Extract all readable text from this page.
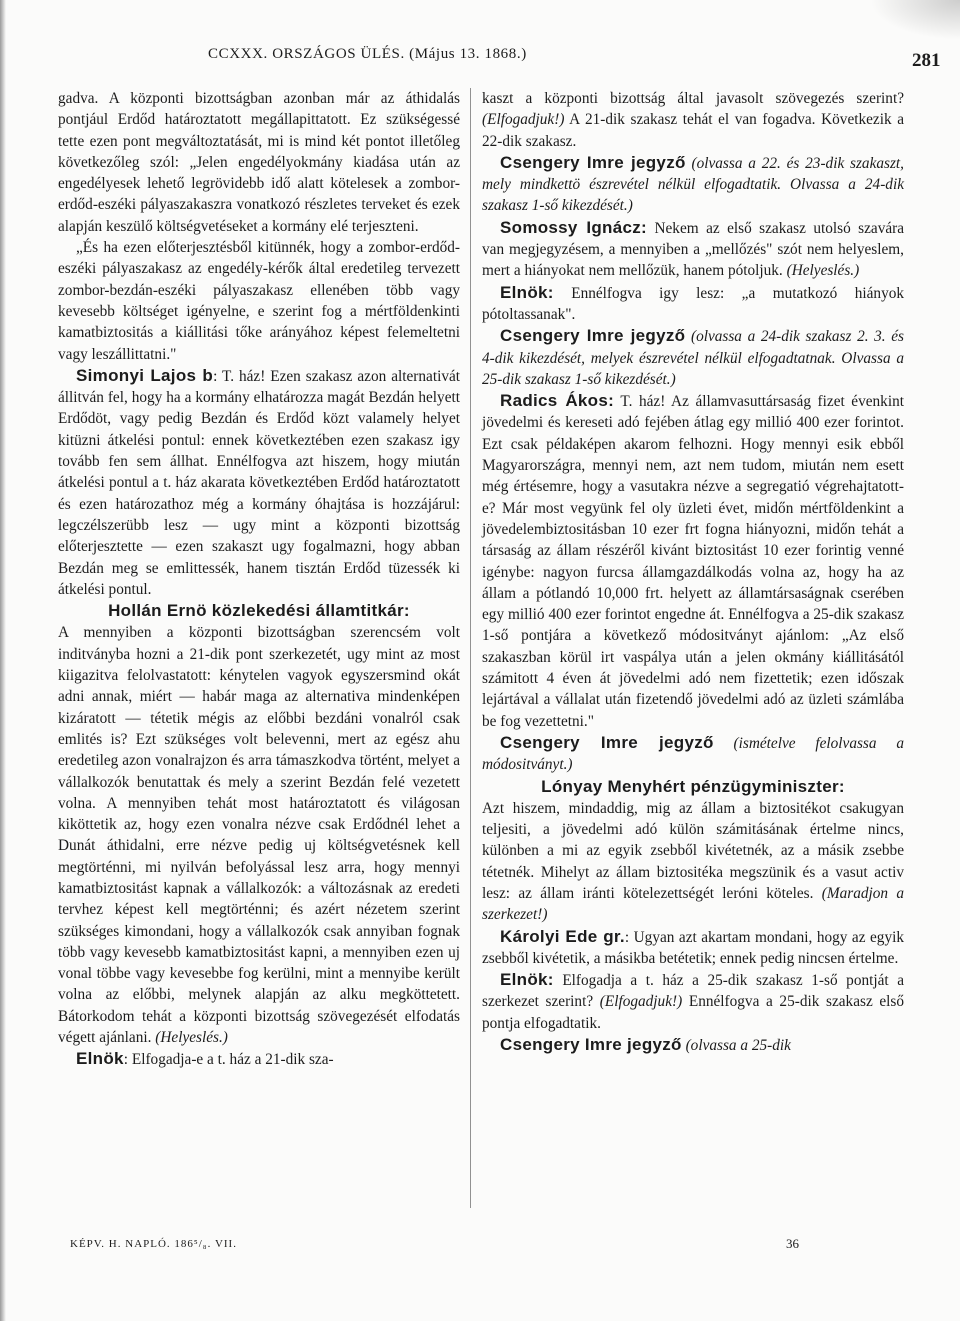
CCXXX. ORSZÁGOS ÜLÉS. (Május 13. 1868.)	281

gadva. A központi bizottságban azonban már az áthidalás pontjául Erdőd határoztatott megállapittatott. Ez szükségessé tette ezen pont megváltoztatását, mi is mind két pontot illetőleg következőleg szól: „Jelen engedélyokmány kiadása után az engedélyesek lehető legrövidebb idő alatt kötelesek a zombor-erdőd-eszéki pályaszakaszra vonatkozó részletes terveket és ezek alapján keszülő költségvetéseket a kormány elé terjeszteni.

„És ha ezen előterjesztésből kitünnék, hogy a zombor-erdőd-eszéki pályaszakasz az engedély-kérők által eredetileg tervezett zombor-bezdán-eszéki pályaszakasz ellenében több vagy kevesebb költséget igényelne, e szerint fog a mértföldenkinti kamatbiztositás a kiállitási tőke arányához képest felemeltetni vagy leszállittatni."

Simonyi Lajos b: T. ház! Ezen szakasz azon alternativát állitván fel, hogy ha a kormány elhatározza magát Bezdán helyett Erdődöt, vagy pedig Bezdán és Erdőd közt valamely helyet kitüzni átkelési pontul: ennek következtében ezen szakasz igy tovább fen sem állhat. Ennélfogva azt hiszem, hogy miután átkelési pontul a t. ház akarata következtében Erdőd határoztatott és ezen határozathoz még a kormány óhajtása is hozzájárul: legczélszerübb lesz — ugy mint a központi bizottság előterjesztette — ezen szakaszt ugy fogalmazni, hogy abban Bezdán meg se emlittessék, hanem tisztán Erdőd tüzessék ki átkelési pontul.

Hollán Ernö közlekedési államtitkár:

A mennyiben a központi bizottságban szerencsém volt inditványba hozni a 21-dik pont szerkezetét, ugy mint az most kiigazitva felolvastatott: kénytelen vagyok egyszersmind okát adni annak, miért — habár maga az alternativa mindenképen kizáratott — tétetik mégis az előbbi bezdáni vonalról csak emlités is? Ezt szükséges volt belevenni, mert az egész ahu eredetileg azon vonalrajzon és arra támaszkodva történt, melyet a vállalkozók benutattak és mely a szerint Bezdán felé vezetett volna. A mennyiben tehát most határoztatott és világosan kiköttetik az, hogy ezen vonalra nézve csak Erdődnél lehet a Dunát áthidalni, erre nézve pedig uj költségvetésnek kell megtörténni, mi nyilván befolyással lesz arra, hogy mennyi kamatbiztositást kapnak a vállalkozók: a változásnak az eredeti tervhez képest kell megtörténni; és azért nézetem szerint szükséges kimondani, hogy a vállalkozók csak annyiban fognak több vagy kevesebb kamatbiztositást kapni, a mennyiben ezen uj vonal többe vagy kevesebbe fog kerülni, mint a mennyibe került volna az előbbi, melynek alapján az alku megköttetett. Bátorkodom tehát a központi bizottság szövegezését elfodatás végett ajánlani. (Helyeslés.)

Elnök: Elfogadja-e a t. ház a 21-dik sza-

kaszt a központi bizottság által javasolt szövegezés szerint? (Elfogadjuk!) A 21-dik szakasz tehát el van fogadva. Következik a 22-dik szakasz.

Csengery Imre jegyző (olvassa a 22. és 23-dik szakaszt, mely mindkettö észrevétel nélkül elfogadtatik. Olvassa a 24-dik szakasz 1-ső kikezdését.)

Somossy Ignácz: Nekem az első szakasz utolsó szavára van megjegyzésem, a mennyiben a „mellőzés" szót nem helyeslem, mert a hiányokat nem mellőzük, hanem pótoljuk. (Helyeslés.)

Elnök: Ennélfogva igy lesz: „a mutatkozó hiányok pótoltassanak".

Csengery Imre jegyző (olvassa a 24-dik szakasz 2. 3. és 4-dik kikezdését, melyek észrevétel nélkül elfogadtatnak. Olvassa a 25-dik szakasz 1-ső kikezdését.)

Radics Ákos: T. ház! Az államvasuttársaság fizet évenkint jövedelmi és kereseti adó fejében átlag egy millió 400 ezer forintot. Ezt csak példaképen akarom felhozni. Hogy mennyi esik ebből Magyarországra, mennyi nem, azt nem tudom, miután nem esett még értésemre, hogy a vasutakra nézve a segregatió végrehajtatott-e? Már most vegyünk fel oly üzleti évet, midőn mértföldenkint a jövedelembiztositásban 10 ezer frt fogna hiányozni, midőn tehát a társaság az állam részéről kivánt biztositást 10 ezer forintig venné igénybe: nagyon furcsa államgazdálkodás volna az, hogy ha az állam a pótlandó 10,000 frt. helyett az államtársaságnak cserében egy millió 400 ezer forintot engedne át. Ennélfogva a 25-dik szakasz 1-ső pontjára a következő módositványt ajánlom: „Az első szakaszban körül irt vaspálya után a jelen okmány kiállitásától számitott 4 éven át jövedelmi adó nem fizettetik; ezen időszak lejártával a vállalat után fizetendő jövedelmi adó az üzleti számlába be fog vezettetni."

Csengery Imre jegyző (ismételve felolvassa a módositványt.)

Lónyay Menyhért pénzügyminiszter:

Azt hiszem, mindaddig, mig az állam a biztositékot csakugyan teljesiti, a jövedelmi adó külön számitásának értelme nincs, különben a mi az egyik zsebből kivétetnék, az a másik zsebbe tétetnék. Mihelyt az állam biztositéka megszünik és a vasut activ lesz: az állam iránti kötelezettségét leróni köteles. (Maradjon a szerkezet!)

Károlyi Ede gr.: Ugyan azt akartam mondani, hogy az egyik zsebből kivétetik, a másikba betétetik; ennek pedig nincsen értelme.

Elnök: Elfogadja a t. ház a 25-dik szakasz 1-ső pontját a szerkezet szerint? (Elfogadjuk!) Ennélfogva a 25-dik szakasz első pontja elfogadtatik.

Csengery Imre jegyző (olvassa a 25-dik

KÉPV. H. NAPLÓ. 186⁵/₈. VII.	36
